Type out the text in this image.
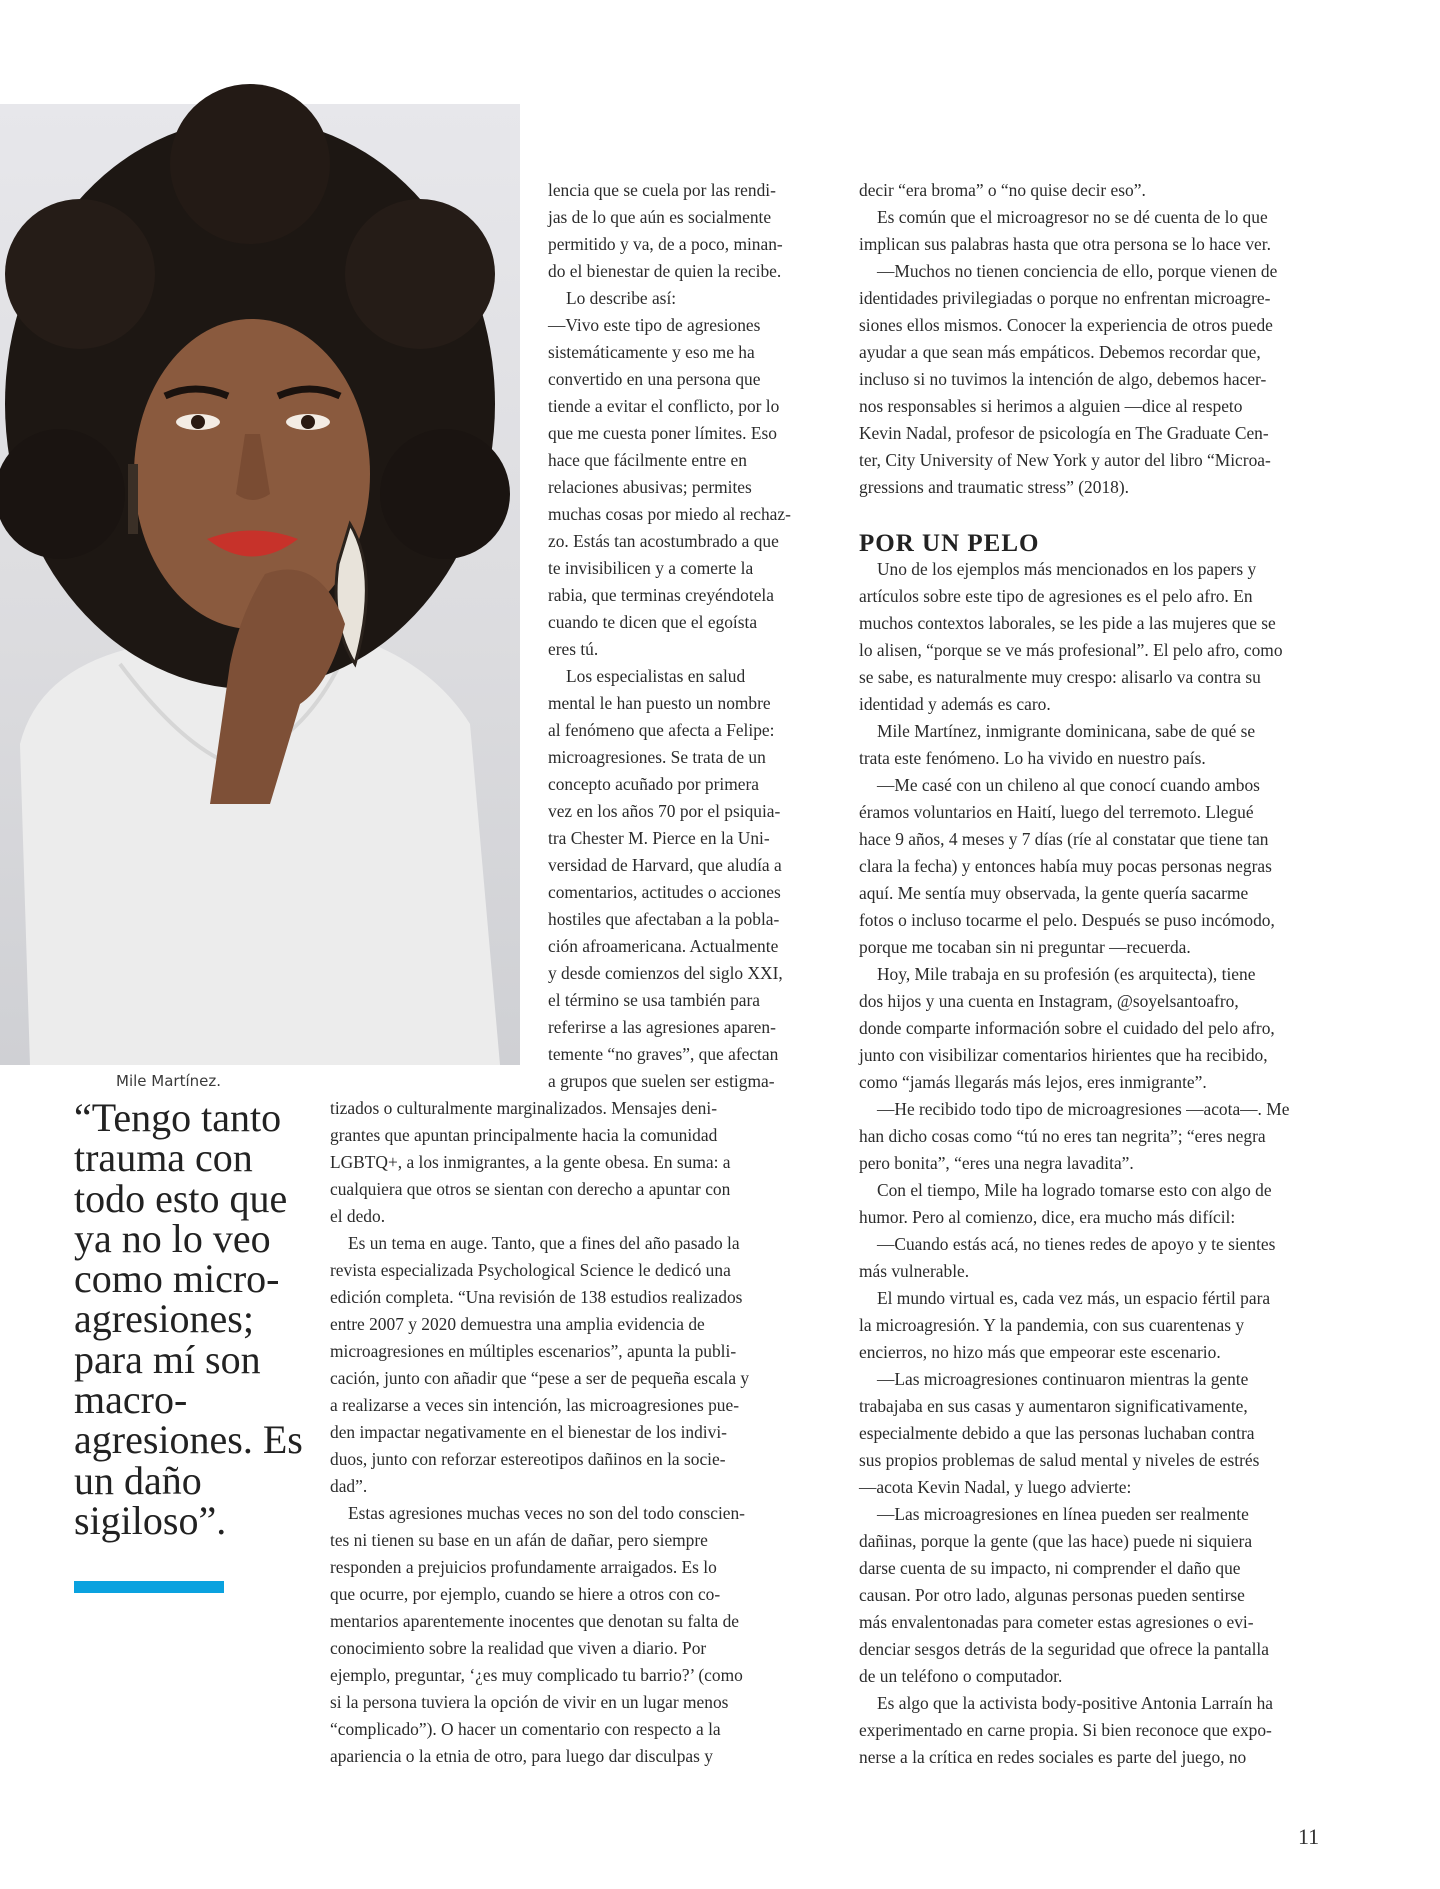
Mile Martínez.

“Tengo tanto trauma con todo esto que ya no lo veo como micro-agresiones; para mí son macro-agresiones. Es un daño sigiloso”.

lencia que se cuela por las rendi-

jas de lo que aún es socialmente

permitido y va, de a poco, minan-

do el bienestar de quien la recibe.

Lo describe así:

—Vivo este tipo de agresiones

sistemáticamente y eso me ha

convertido en una persona que

tiende a evitar el conflicto, por lo

que me cuesta poner límites. Eso

hace que fácilmente entre en

relaciones abusivas; permites

muchas cosas por miedo al rechaz-

zo. Estás tan acostumbrado a que

te invisibilicen y a comerte la

rabia, que terminas creyéndotela

cuando te dicen que el egoísta

eres tú.

Los especialistas en salud

mental le han puesto un nombre

al fenómeno que afecta a Felipe:

microagresiones. Se trata de un

concepto acuñado por primera

vez en los años 70 por el psiquia-

tra Chester M. Pierce en la Uni-

versidad de Harvard, que aludía a

comentarios, actitudes o acciones

hostiles que afectaban a la pobla-

ción afroamericana. Actualmente

y desde comienzos del siglo XXI,

el término se usa también para

referirse a las agresiones aparen-

temente “no graves”, que afectan

a grupos que suelen ser estigma-

tizados o culturalmente marginalizados. Mensajes deni-

grantes que apuntan principalmente hacia la comunidad

LGBTQ+, a los inmigrantes, a la gente obesa. En suma: a

cualquiera que otros se sientan con derecho a apuntar con

el dedo.

Es un tema en auge. Tanto, que a fines del año pasado la

revista especializada Psychological Science le dedicó una

edición completa. “Una revisión de 138 estudios realizados

entre 2007 y 2020 demuestra una amplia evidencia de

microagresiones en múltiples escenarios”, apunta la publi-

cación, junto con añadir que “pese a ser de pequeña escala y

a realizarse a veces sin intención, las microagresiones pue-

den impactar negativamente en el bienestar de los indivi-

duos, junto con reforzar estereotipos dañinos en la socie-

dad”.

Estas agresiones muchas veces no son del todo conscien-

tes ni tienen su base en un afán de dañar, pero siempre

responden a prejuicios profundamente arraigados. Es lo

que ocurre, por ejemplo, cuando se hiere a otros con co-

mentarios aparentemente inocentes que denotan su falta de

conocimiento sobre la realidad que viven a diario. Por

ejemplo, preguntar, ‘¿es muy complicado tu barrio?’ (como

si la persona tuviera la opción de vivir en un lugar menos

“complicado”). O hacer un comentario con respecto a la

apariencia o la etnia de otro, para luego dar disculpas y

POR UN PELO

decir “era broma” o “no quise decir eso”.

Es común que el microagresor no se dé cuenta de lo que

implican sus palabras hasta que otra persona se lo hace ver.

—Muchos no tienen conciencia de ello, porque vienen de

identidades privilegiadas o porque no enfrentan microagre-

siones ellos mismos. Conocer la experiencia de otros puede

ayudar a que sean más empáticos. Debemos recordar que,

incluso si no tuvimos la intención de algo, debemos hacer-

nos responsables si herimos a alguien —dice al respeto

Kevin Nadal, profesor de psicología en The Graduate Cen-

ter, City University of New York y autor del libro “Microa-

gressions and traumatic stress” (2018).

Uno de los ejemplos más mencionados en los papers y

artículos sobre este tipo de agresiones es el pelo afro. En

muchos contextos laborales, se les pide a las mujeres que se

lo alisen, “porque se ve más profesional”. El pelo afro, como

se sabe, es naturalmente muy crespo: alisarlo va contra su

identidad y además es caro.

Mile Martínez, inmigrante dominicana, sabe de qué se

trata este fenómeno. Lo ha vivido en nuestro país.

—Me casé con un chileno al que conocí cuando ambos

éramos voluntarios en Haití, luego del terremoto. Llegué

hace 9 años, 4 meses y 7 días (ríe al constatar que tiene tan

clara la fecha) y entonces había muy pocas personas negras

aquí. Me sentía muy observada, la gente quería sacarme

fotos o incluso tocarme el pelo. Después se puso incómodo,

porque me tocaban sin ni preguntar —recuerda.

Hoy, Mile trabaja en su profesión (es arquitecta), tiene

dos hijos y una cuenta en Instagram, @soyelsantoafro,

donde comparte información sobre el cuidado del pelo afro,

junto con visibilizar comentarios hirientes que ha recibido,

como “jamás llegarás más lejos, eres inmigrante”.

—He recibido todo tipo de microagresiones —acota—. Me

han dicho cosas como “tú no eres tan negrita”; “eres negra

pero bonita”, “eres una negra lavadita”.

Con el tiempo, Mile ha logrado tomarse esto con algo de

humor. Pero al comienzo, dice, era mucho más difícil:

—Cuando estás acá, no tienes redes de apoyo y te sientes

más vulnerable.

El mundo virtual es, cada vez más, un espacio fértil para

la microagresión. Y la pandemia, con sus cuarentenas y

encierros, no hizo más que empeorar este escenario.

—Las microagresiones continuaron mientras la gente

trabajaba en sus casas y aumentaron significativamente,

especialmente debido a que las personas luchaban contra

sus propios problemas de salud mental y niveles de estrés

—acota Kevin Nadal, y luego advierte:

—Las microagresiones en línea pueden ser realmente

dañinas, porque la gente (que las hace) puede ni siquiera

darse cuenta de su impacto, ni comprender el daño que

causan. Por otro lado, algunas personas pueden sentirse

más envalentonadas para cometer estas agresiones o evi-

denciar sesgos detrás de la seguridad que ofrece la pantalla

de un teléfono o computador.

Es algo que la activista body-positive Antonia Larraín ha

experimentado en carne propia. Si bien reconoce que expo-

nerse a la crítica en redes sociales es parte del juego, no

11
